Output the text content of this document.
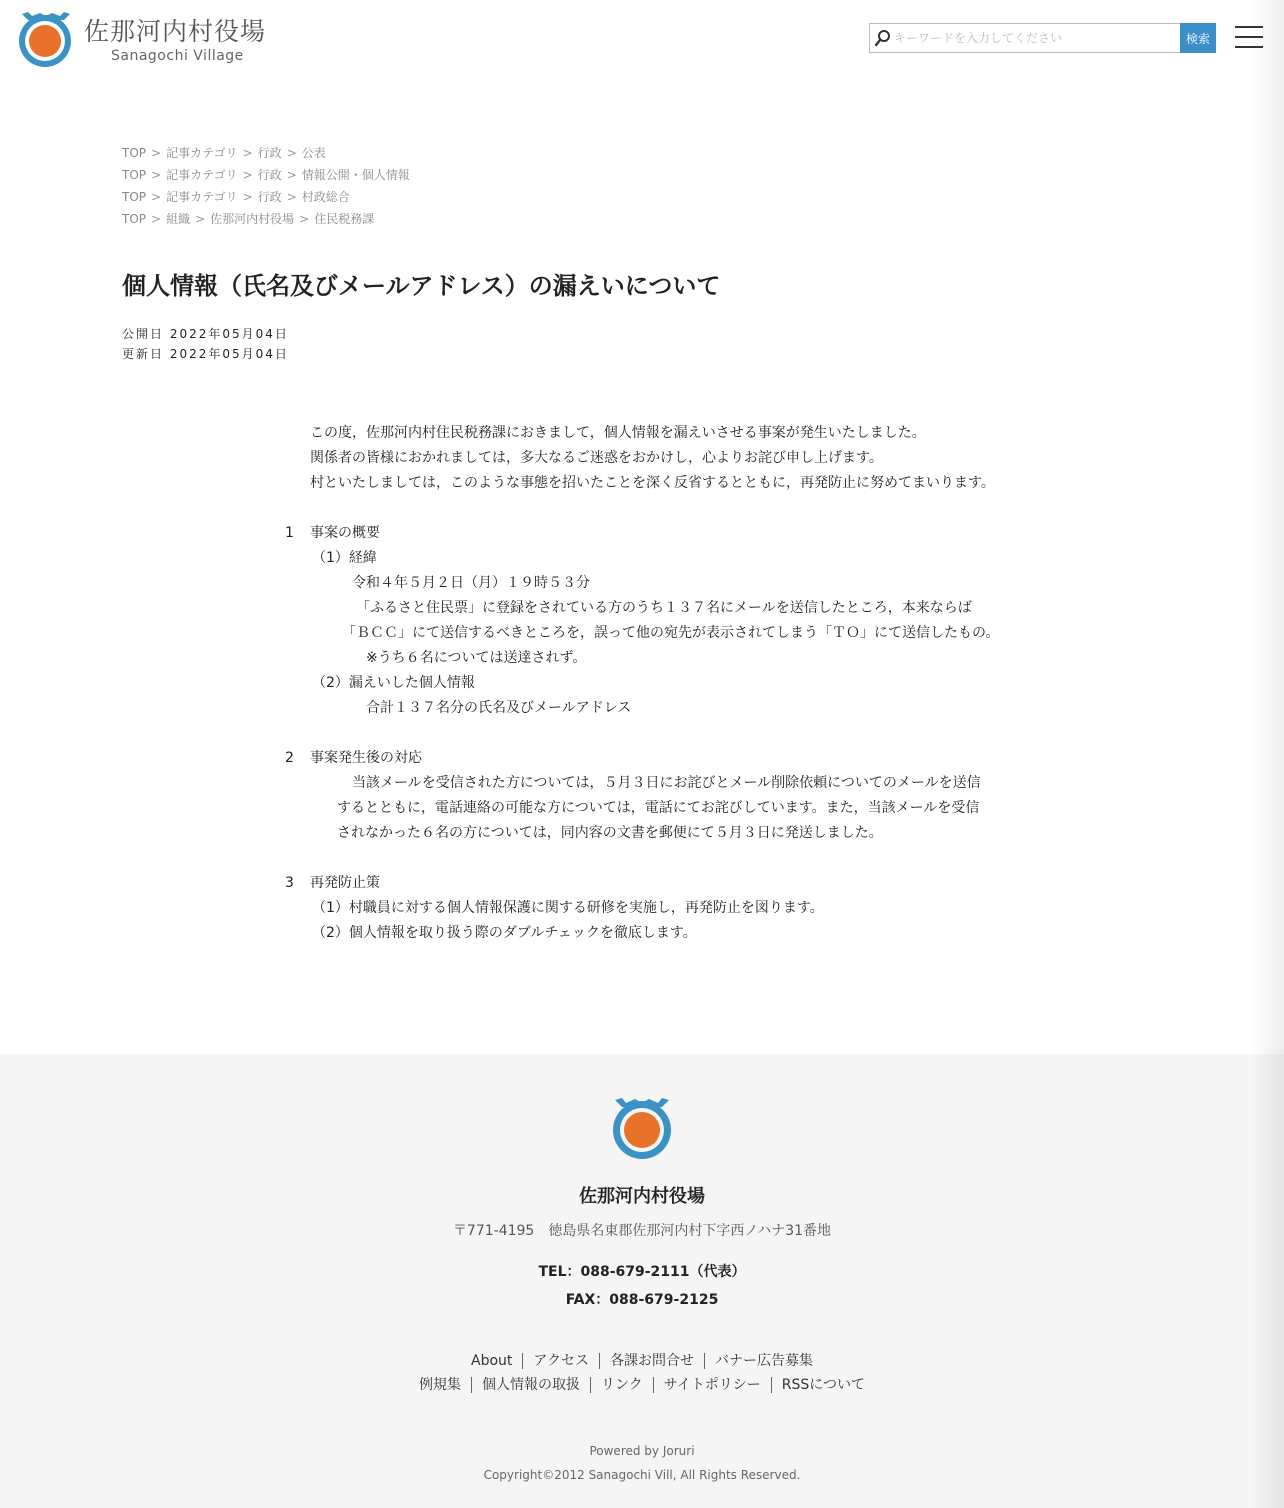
佐那河内村役場
Sanagochi Village
キーワードを入力してください
検索
TOP > 記事カテゴリ > 行政 > 公表
TOP > 記事カテゴリ > 行政 > 情報公開・個人情報
TOP > 記事カテゴリ > 行政 > 村政総合
TOP > 組織 > 佐那河内村役場 > 住民税務課
個人情報（氏名及びメールアドレス）の漏えいについて
公開日 2022年05月04日
更新日 2022年05月04日
この度，佐那河内村住民税務課におきまして，個人情報を漏えいさせる事案が発生いたしました。
関係者の皆様におかれましては，多大なるご迷惑をおかけし，心よりお詫び申し上げます。
村といたしましては，このような事態を招いたことを深く反省するとともに，再発防止に努めてまいります。
1 事案の概要
（1）経緯
令和４年５月２日（月）１９時５３分
「ふるさと住民票」に登録をされている方のうち１３７名にメールを送信したところ，本来ならば
「ＢＣＣ」にて送信するべきところを，誤って他の宛先が表示されてしまう「ＴＯ」にて送信したもの。
※うち６名については送達されず。
（2）漏えいした個人情報
合計１３７名分の氏名及びメールアドレス
2 事案発生後の対応
当該メールを受信された方については，５月３日にお詫びとメール削除依頼についてのメールを送信
するとともに，電話連絡の可能な方については，電話にてお詫びしています。また，当該メールを受信
されなかった６名の方については，同内容の文書を郵便にて５月３日に発送しました。
3 再発防止策
（1）村職員に対する個人情報保護に関する研修を実施し，再発防止を図ります。
（2）個人情報を取り扱う際のダブルチェックを徹底します。
佐那河内村役場
〒771-4195　徳島県名東郡佐那河内村下字西ノハナ31番地
TEL：088-679-2111（代表）
FAX：088-679-2125
About アクセス 各課お問合せ バナー広告募集
例規集 個人情報の取扱 リンク サイトポリシー RSSについて
Powered by Joruri
Copyright©2012 Sanagochi Vill, All Rights Reserved.
